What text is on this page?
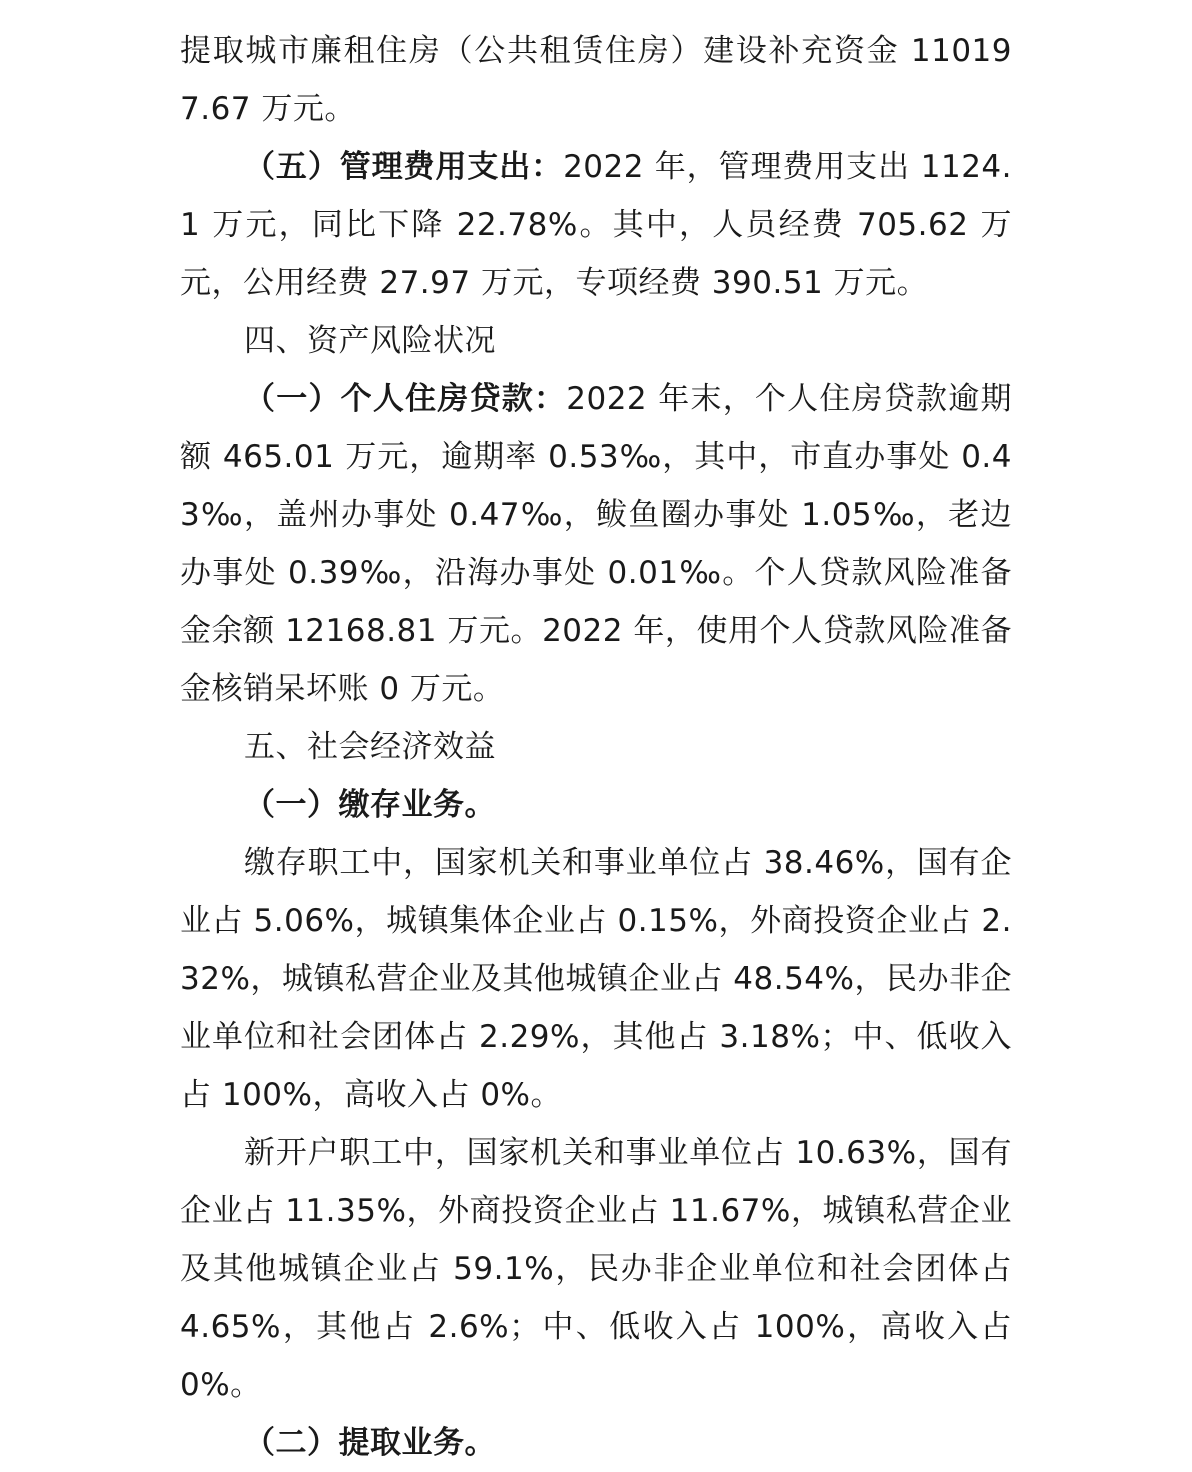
提取城市廉租住房（公共租赁住房）建设补充资金 110197.67 万元。

（五）管理费用支出：2022 年，管理费用支出 1124.1 万元，同比下降 22.78%。其中，人员经费 705.62 万元，公用经费 27.97 万元，专项经费 390.51 万元。

四、资产风险状况

（一）个人住房贷款：2022 年末，个人住房贷款逾期额 465.01 万元，逾期率 0.53‰，其中，市直办事处 0.43‰，盖州办事处 0.47‰，鲅鱼圈办事处 1.05‰，老边办事处 0.39‰，沿海办事处 0.01‰。个人贷款风险准备金余额 12168.81 万元。2022 年，使用个人贷款风险准备金核销呆坏账 0 万元。

五、社会经济效益

（一）缴存业务。

缴存职工中，国家机关和事业单位占 38.46%，国有企业占 5.06%，城镇集体企业占 0.15%，外商投资企业占 2.32%，城镇私营企业及其他城镇企业占 48.54%，民办非企业单位和社会团体占 2.29%，其他占 3.18%；中、低收入占 100%，高收入占 0%。

新开户职工中，国家机关和事业单位占 10.63%，国有企业占 11.35%，外商投资企业占 11.67%，城镇私营企业及其他城镇企业占 59.1%，民办非企业单位和社会团体占 4.65%，其他占 2.6%；中、低收入占 100%，高收入占 0%。

（二）提取业务。
